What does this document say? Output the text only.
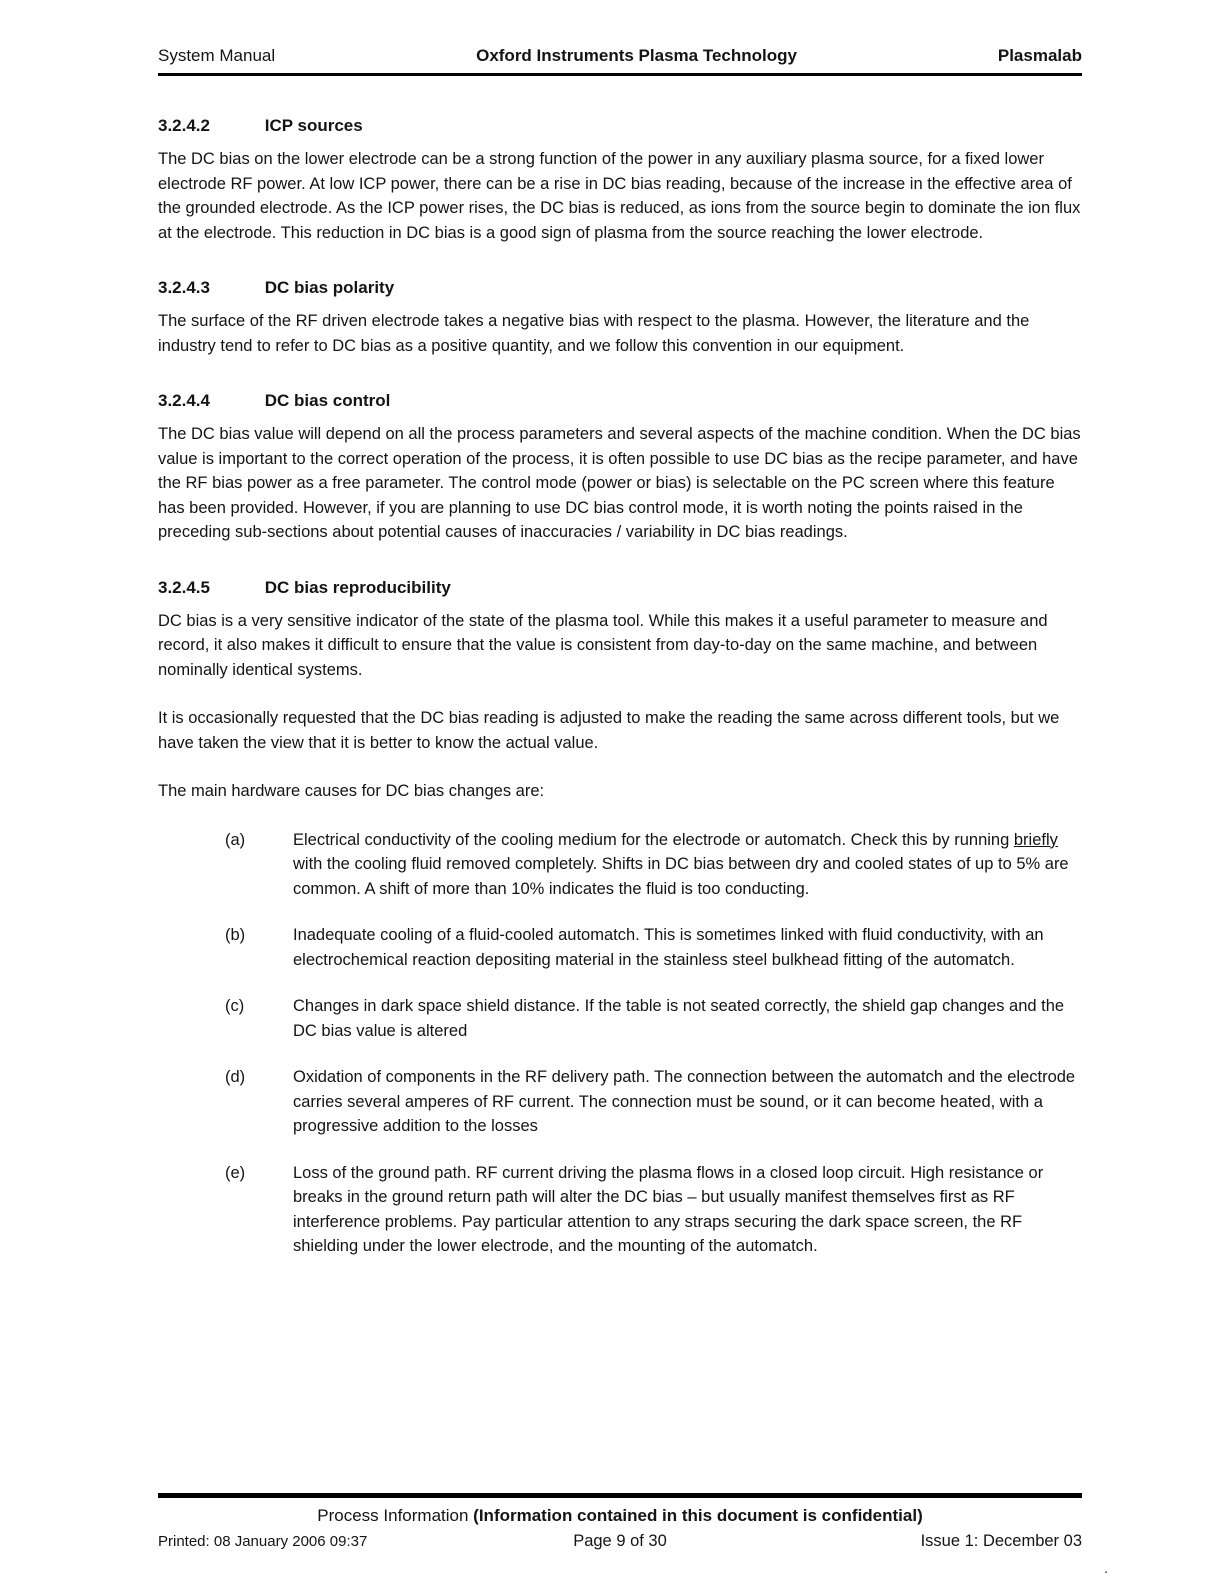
System Manual	Oxford Instruments Plasma Technology	Plasmalab
3.2.4.2	ICP sources

The DC bias on the lower electrode can be a strong function of the power in any auxiliary plasma source, for a fixed lower electrode RF power. At low ICP power, there can be a rise in DC bias reading, because of the increase in the effective area of the grounded electrode. As the ICP power rises, the DC bias is reduced, as ions from the source begin to dominate the ion flux at the electrode. This reduction in DC bias is a good sign of plasma from the source reaching the lower electrode.

3.2.4.3	DC bias polarity

The surface of the RF driven electrode takes a negative bias with respect to the plasma. However, the literature and the industry tend to refer to DC bias as a positive quantity, and we follow this convention in our equipment.

3.2.4.4	DC bias control

The DC bias value will depend on all the process parameters and several aspects of the machine condition. When the DC bias value is important to the correct operation of the process, it is often possible to use DC bias as the recipe parameter, and have the RF bias power as a free parameter. The control mode (power or bias) is selectable on the PC screen where this feature has been provided. However, if you are planning to use DC bias control mode, it is worth noting the points raised in the preceding sub-sections about potential causes of inaccuracies / variability in DC bias readings.

3.2.4.5	DC bias reproducibility

DC bias is a very sensitive indicator of the state of the plasma tool. While this makes it a useful parameter to measure and record, it also makes it difficult to ensure that the value is consistent from day-to-day on the same machine, and between nominally identical systems.

It is occasionally requested that the DC bias reading is adjusted to make the reading the same across different tools, but we have taken the view that it is better to know the actual value.

The main hardware causes for DC bias changes are:

(a)	Electrical conductivity of the cooling medium for the electrode or automatch. Check this by running briefly with the cooling fluid removed completely. Shifts in DC bias between dry and cooled states of up to 5% are common. A shift of more than 10% indicates the fluid is too conducting.
(b)	Inadequate cooling of a fluid-cooled automatch. This is sometimes linked with fluid conductivity, with an electrochemical reaction depositing material in the stainless steel bulkhead fitting of the automatch.
(c)	Changes in dark space shield distance. If the table is not seated correctly, the shield gap changes and the DC bias value is altered
(d)	Oxidation of components in the RF delivery path. The connection between the automatch and the electrode carries several amperes of RF current. The connection must be sound, or it can become heated, with a progressive addition to the losses
(e)	Loss of the ground path. RF current driving the plasma flows in a closed loop circuit. High resistance or breaks in the ground return path will alter the DC bias – but usually manifest themselves first as RF interference problems. Pay particular attention to any straps securing the dark space screen, the RF shielding under the lower electrode, and the mounting of the automatch.
Process Information (Information contained in this document is confidential)
Printed: 08 January 2006 09:37	Page 9 of 30	Issue 1: December 03
.
